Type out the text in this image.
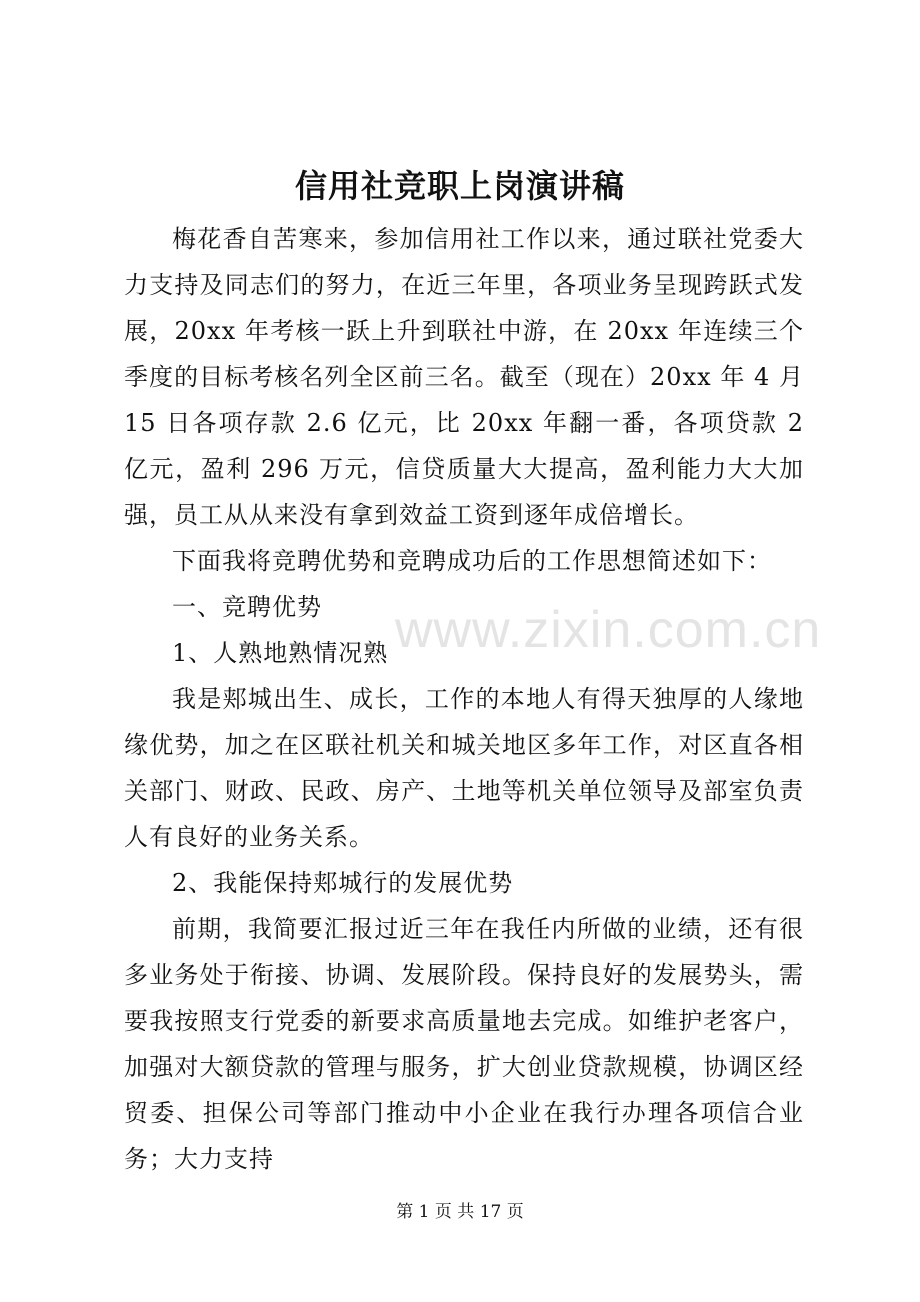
信用社竞职上岗演讲稿

梅花香自苦寒来，参加信用社工作以来，通过联社党委大力支持及同志们的努力，在近三年里，各项业务呈现跨跃式发展，20xx 年考核一跃上升到联社中游，在 20xx 年连续三个季度的目标考核名列全区前三名。截至（现在）20xx 年 4 月 15 日各项存款 2.6 亿元，比 20xx 年翻一番，各项贷款 2 亿元，盈利 296 万元，信贷质量大大提高，盈利能力大大加强，员工从从来没有拿到效益工资到逐年成倍增长。

下面我将竞聘优势和竞聘成功后的工作思想简述如下：

一、竞聘优势

1、人熟地熟情况熟

我是郏城出生、成长，工作的本地人有得天独厚的人缘地缘优势，加之在区联社机关和城关地区多年工作，对区直各相关部门、财政、民政、房产、土地等机关单位领导及部室负责人有良好的业务关系。

2、我能保持郏城行的发展优势

前期，我简要汇报过近三年在我任内所做的业绩，还有很多业务处于衔接、协调、发展阶段。保持良好的发展势头，需要我按照支行党委的新要求高质量地去完成。如维护老客户，加强对大额贷款的管理与服务，扩大创业贷款规模，协调区经贸委、担保公司等部门推动中小企业在我行办理各项信合业务；大力支持

www.zixin.com.cn
第 1 页 共 17 页
